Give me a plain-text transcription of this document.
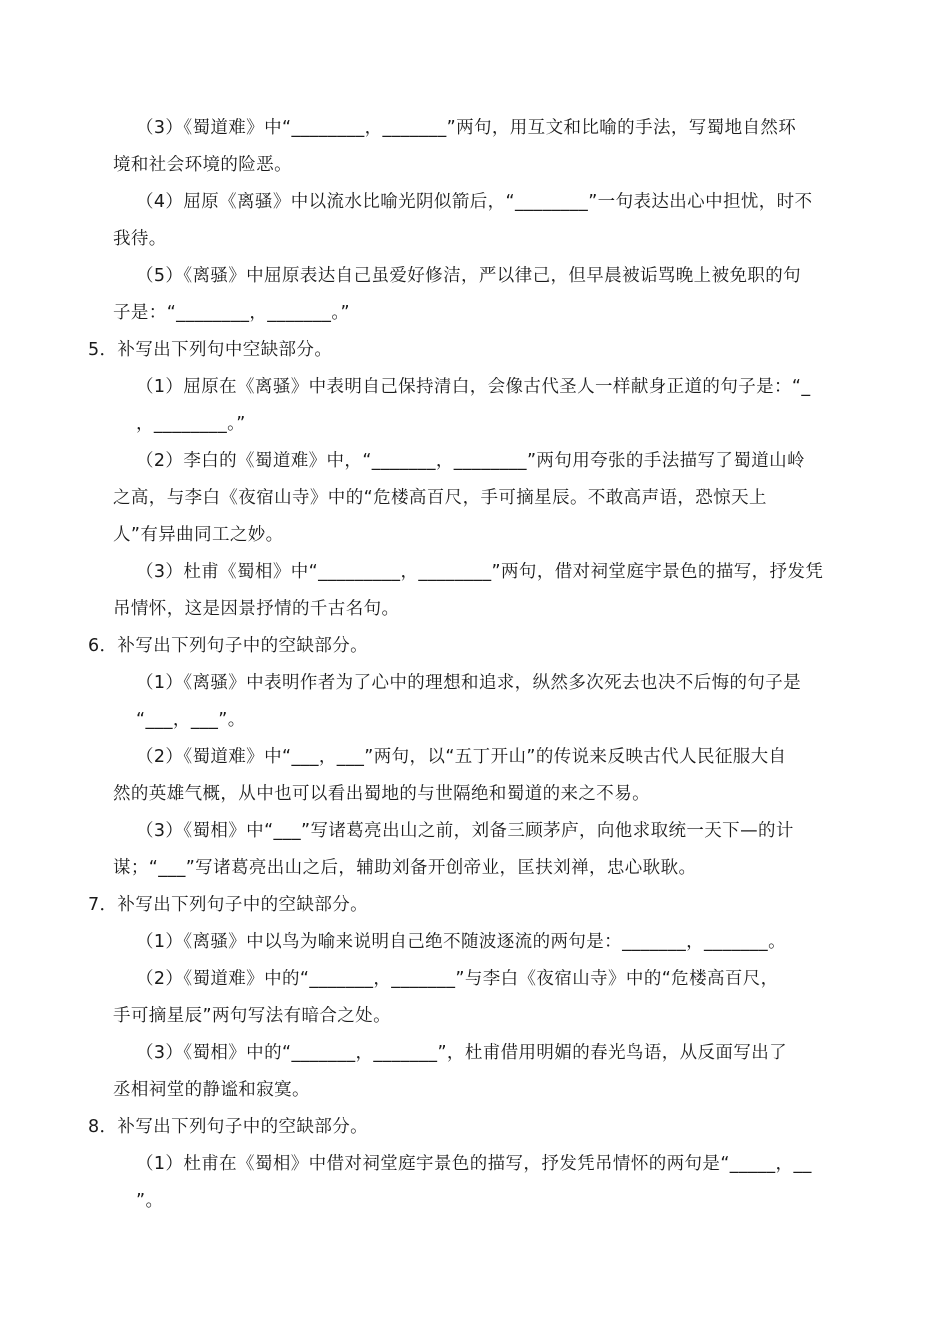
（3）《蜀道难》中“________，_______”两句，用互文和比喻的手法，写蜀地自然环
境和社会环境的险恶。
（4）屈原《离骚》中以流水比喻光阴似箭后，“________”一句表达出心中担忧，时不
我待。
（5）《离骚》中屈原表达自己虽爱好修洁，严以律己，但早晨被诟骂晚上被免职的句
子是：“________，_______。”
5．补写出下列句中空缺部分。
（1）屈原在《离骚》中表明自己保持清白，会像古代圣人一样献身正道的句子是：“_
，________。”
（2）李白的《蜀道难》中，“_______，________”两句用夸张的手法描写了蜀道山岭
之高，与李白《夜宿山寺》中的“危楼高百尺，手可摘星辰。不敢高声语，恐惊天上
人”有异曲同工之妙。
（3）杜甫《蜀相》中“_________，________”两句，借对祠堂庭宇景色的描写，抒发凭
吊情怀，这是因景抒情的千古名句。
6．补写出下列句子中的空缺部分。
（1）《离骚》中表明作者为了心中的理想和追求，纵然多次死去也决不后悔的句子是
“___，___”。
（2）《蜀道难》中“___，___”两句，以“五丁开山”的传说来反映古代人民征服大自
然的英雄气概，从中也可以看出蜀地的与世隔绝和蜀道的来之不易。
（3）《蜀相》中“___”写诸葛亮出山之前，刘备三顾茅庐，向他求取统一天下—的计
谋；“___”写诸葛亮出山之后，辅助刘备开创帝业，匡扶刘禅，忠心耿耿。
7．补写出下列句子中的空缺部分。
（1）《离骚》中以鸟为喻来说明自己绝不随波逐流的两句是：_______，_______。
（2）《蜀道难》中的“_______，_______”与李白《夜宿山寺》中的“危楼高百尺，
手可摘星辰”两句写法有暗合之处。
（3）《蜀相》中的“_______，_______”，杜甫借用明媚的春光鸟语，从反面写出了
丞相祠堂的静谧和寂寞。
8．补写出下列句子中的空缺部分。
（1）杜甫在《蜀相》中借对祠堂庭宇景色的描写，抒发凭吊情怀的两句是“_____，__
”。
